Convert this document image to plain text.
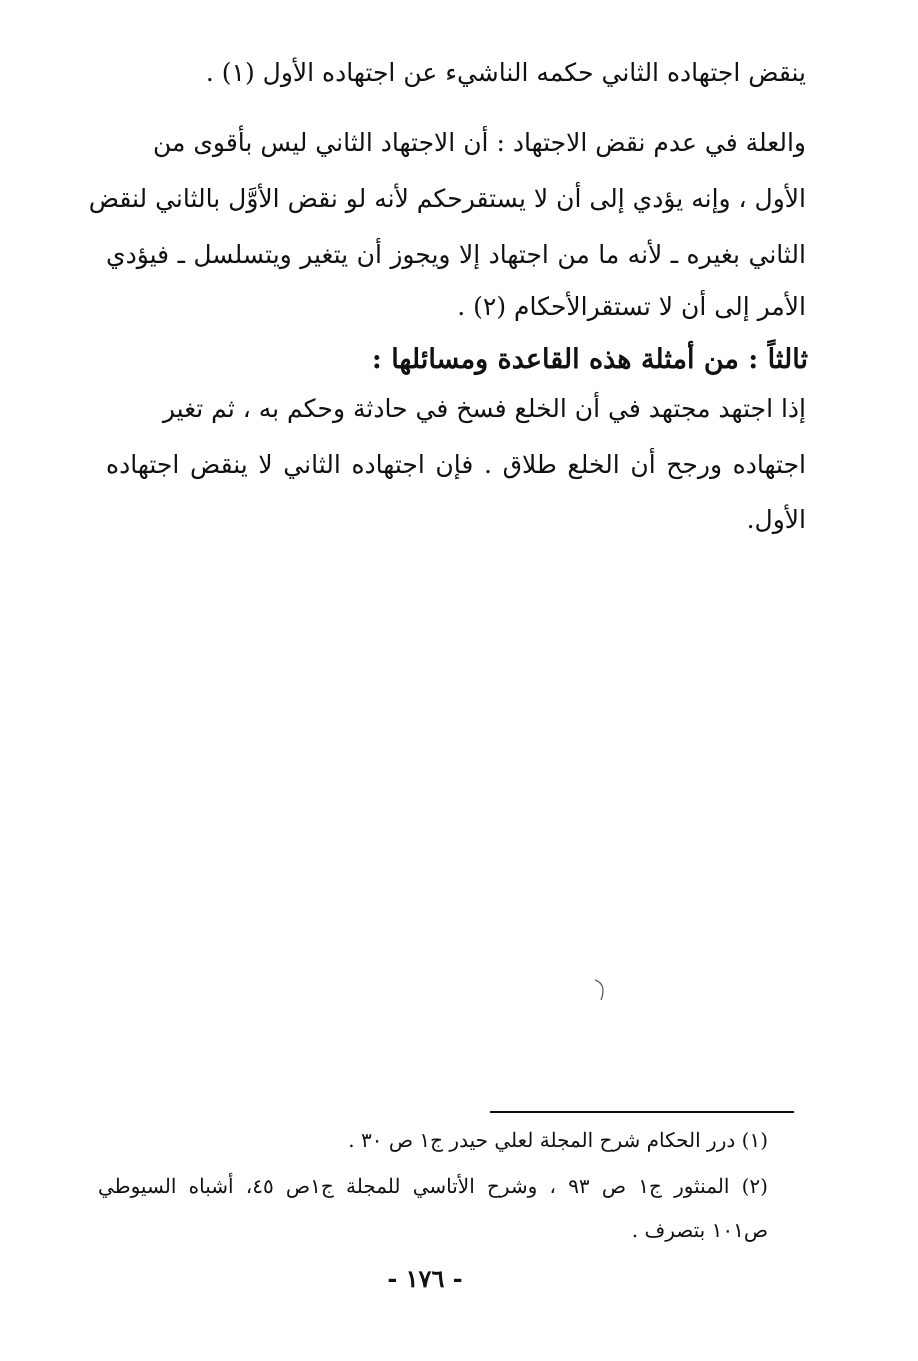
ينقض اجتهاده الثاني حكمه الناشيء عن اجتهاده الأول (١) .
والعلة في عدم نقض الاجتهاد : أن الاجتهاد الثاني ليس بأقوى من
الأول ، وإنه يؤدي إلى أن لا يستقرحكم لأنه لو نقض الأوَّل بالثاني لنقض
الثاني بغيره ـ لأنه ما من اجتهاد إلا ويجوز أن يتغير ويتسلسل ـ فيؤدي
الأمر إلى أن لا تستقرالأحكام (٢) .
ثالثاً : من أمثلة هذه القاعدة ومسائلها :
إذا اجتهد مجتهد في أن الخلع فسخ في حادثة وحكم به ، ثم تغير
اجتهاده ورجح أن الخلع طلاق . فإن اجتهاده الثاني لا ينقض اجتهاده
الأول.
(١) درر الحكام شرح المجلة لعلي حيدر ج١ ص ٣٠ .
(٢) المنثور ج١ ص ٩٣ ، وشرح الأتاسي للمجلة ج١ص ٤٥، أشباه السيوطي
ص١٠١ بتصرف .
- ١٧٦ -
